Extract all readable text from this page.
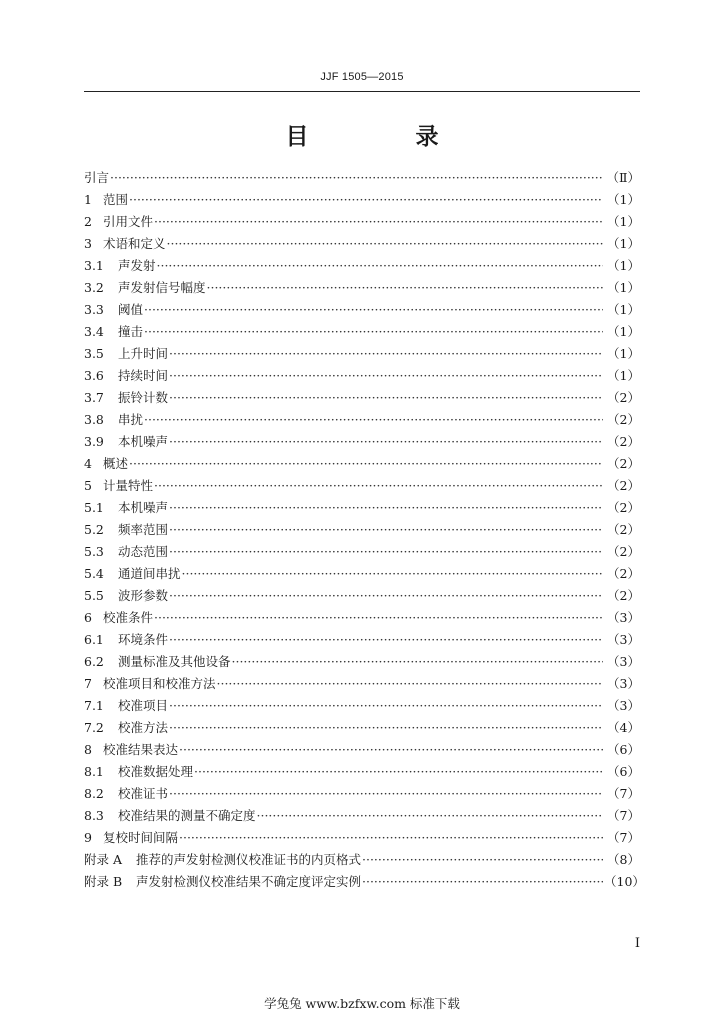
JJF 1505—2015
目　录
引言 ·····	（Ⅱ）
1 范围 ·····	（1）
2 引用文件 ·····	（1）
3 术语和定义 ·····	（1）
3.1	声发射 ·····	（1）
3.2	声发射信号幅度 ·····	（1）
3.3	阈值 ·····	（1）
3.4	撞击 ·····	（1）
3.5	上升时间 ·····	（1）
3.6	持续时间 ·····	（1）
3.7	振铃计数 ·····	（2）
3.8	串扰 ·····	（2）
3.9	本机噪声 ·····	（2）
4 概述 ·····	（2）
5 计量特性 ·····	（2）
5.1	本机噪声 ·····	（2）
5.2	频率范围 ·····	（2）
5.3	动态范围 ·····	（2）
5.4	通道间串扰 ·····	（2）
5.5	波形参数 ·····	（2）
6 校准条件 ·····	（3）
6.1	环境条件 ·····	（3）
6.2	测量标准及其他设备 ·····	（3）
7 校准项目和校准方法 ·····	（3）
7.1	校准项目 ·····	（3）
7.2	校准方法 ·····	（4）
8 校准结果表达 ·····	（6）
8.1	校准数据处理 ·····	（6）
8.2	校准证书 ·····	（7）
8.3	校准结果的测量不确定度 ·····	（7）
9 复校时间间隔 ·····	（7）
附录 A	推荐的声发射检测仪校准证书的内页格式 ·····	（8）
附录 B	声发射检测仪校准结果不确定度评定实例 ·····	（10）
I
学兔兔 www.bzfxw.com 标准下载
